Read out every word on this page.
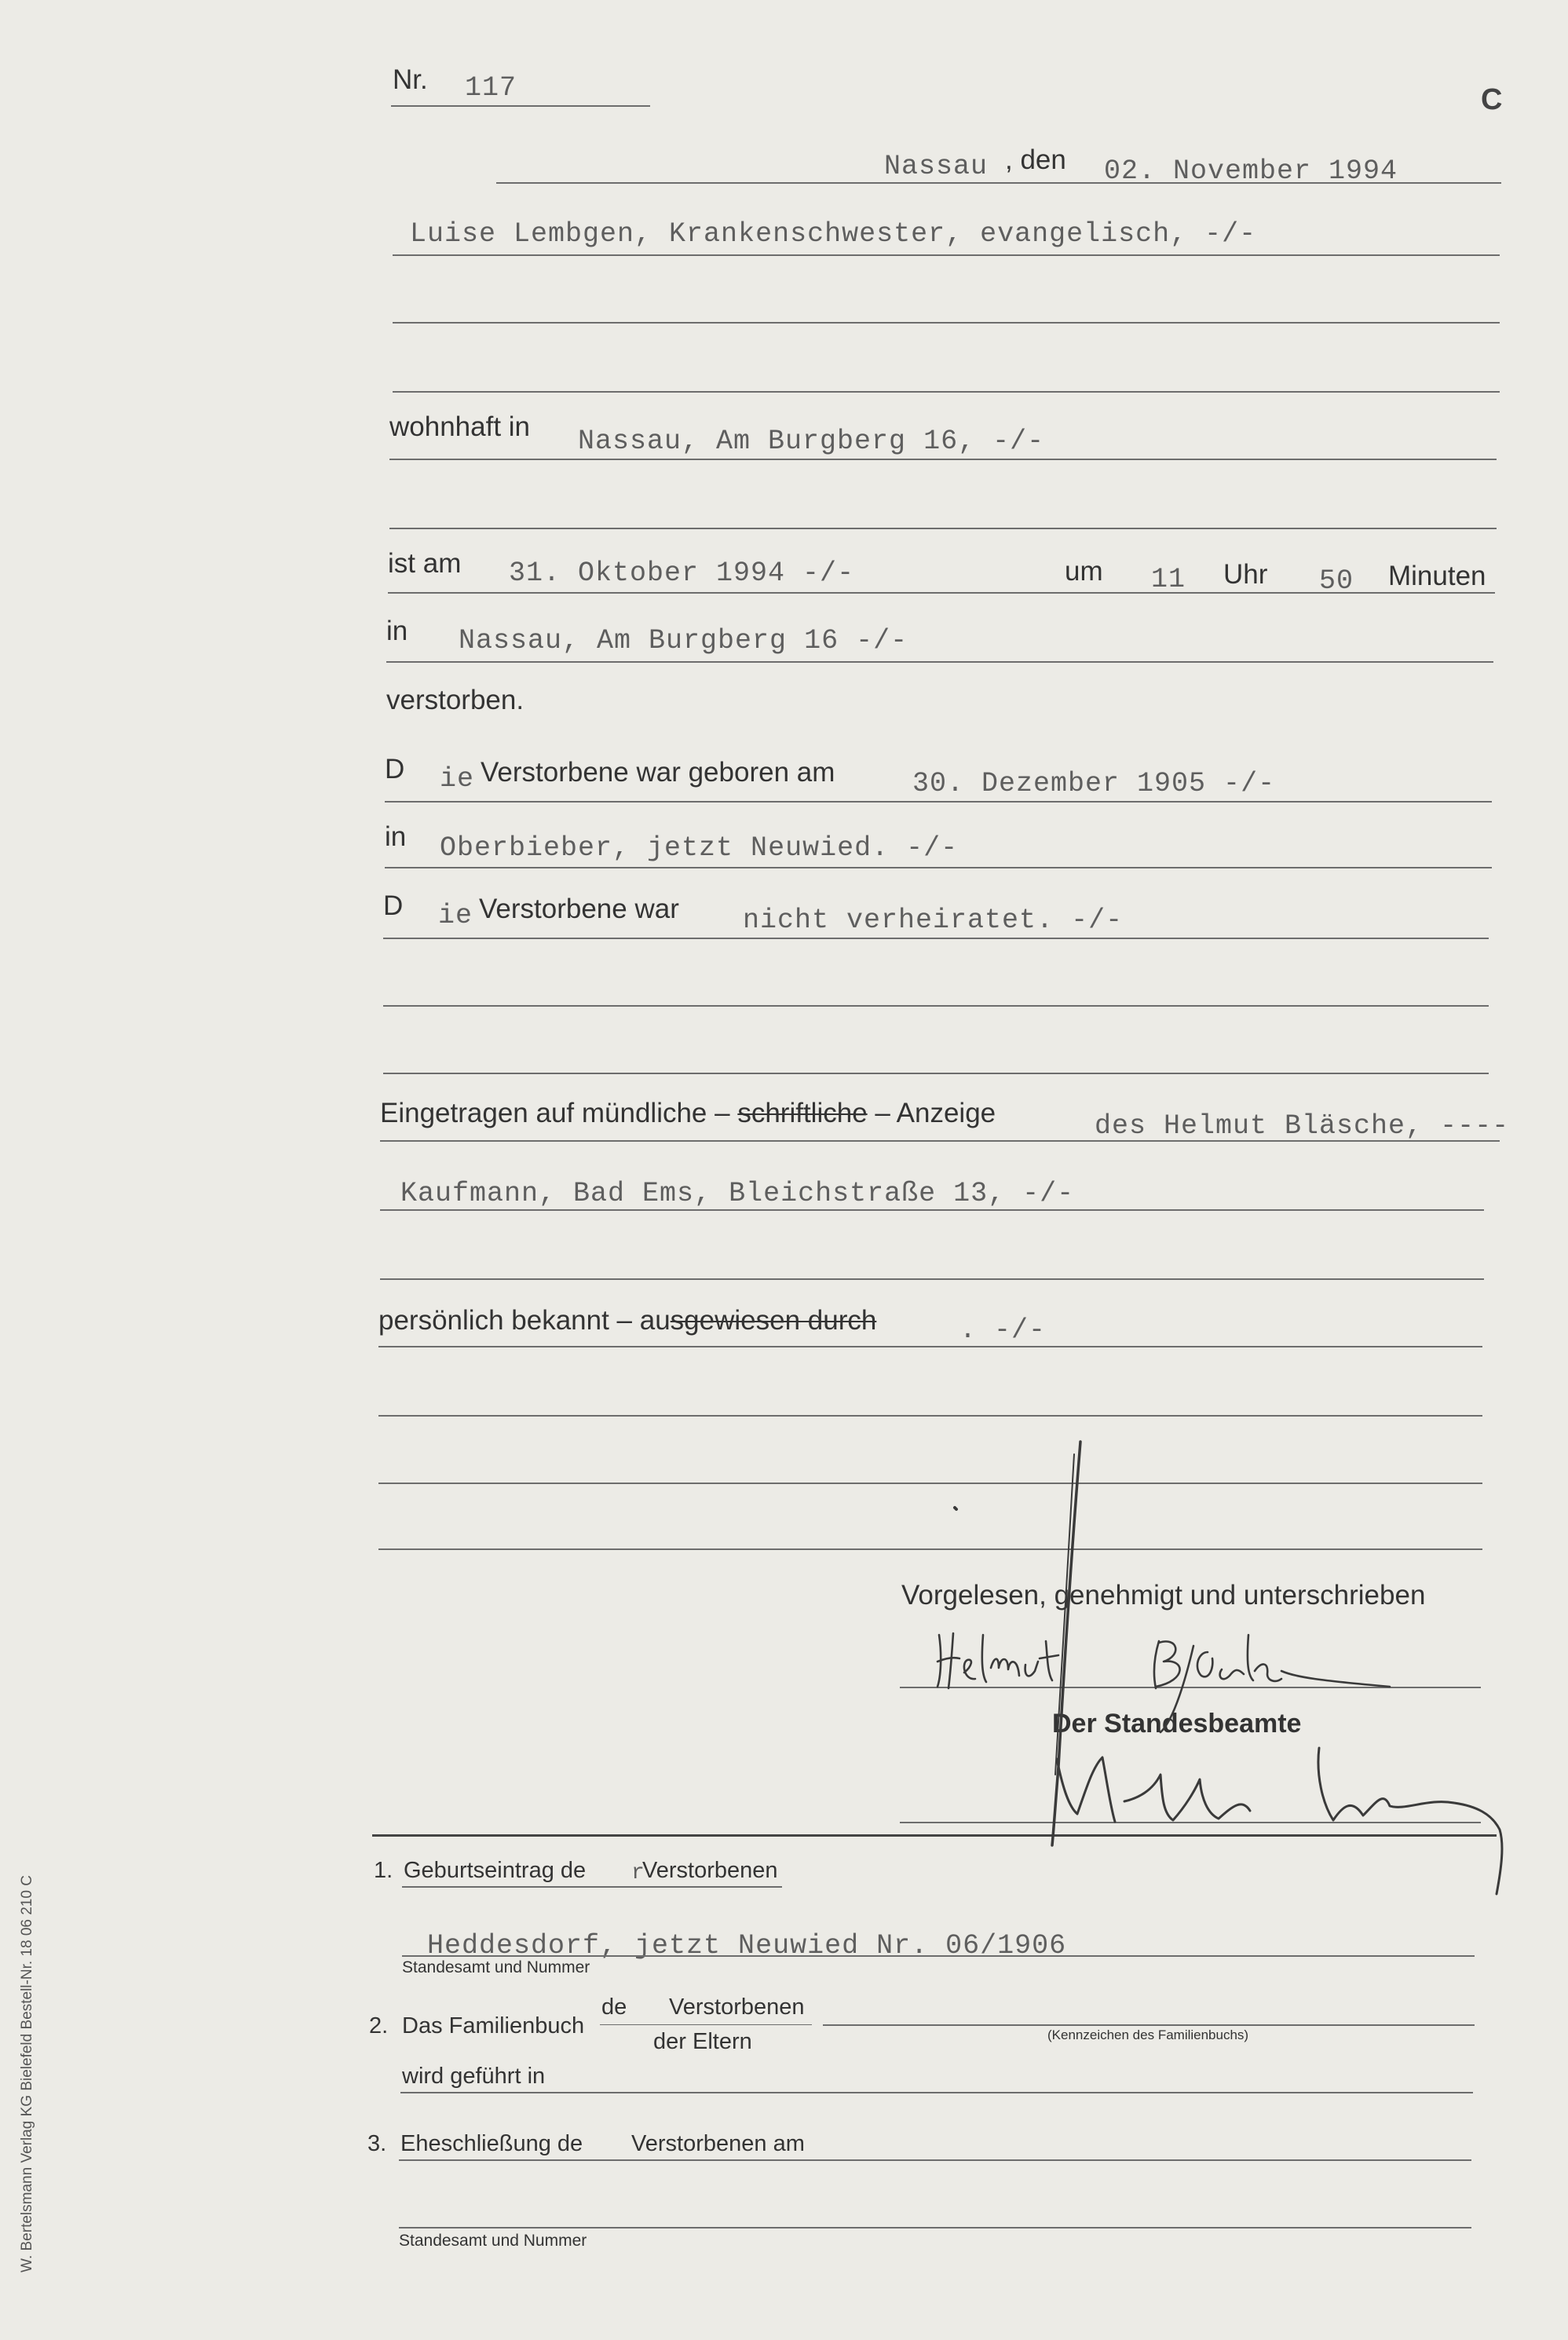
Nr. 117	C
Nassau , den 02. November 1994
Luise Lembgen, Krankenschwester, evangelisch, -/-
wohnhaft in Nassau, Am Burgberg 16, -/-
ist am 31. Oktober 1994 -/-	um 11 Uhr 50 Minuten
in Nassau, Am Burgberg 16 -/-
verstorben.
D ie Verstorbene war geboren am	30. Dezember 1905 -/-
in Oberbieber, jetzt Neuwied. -/-
D ie Verstorbene war nicht verheiratet. -/-
Eingetragen auf mündliche – schriftliche – Anzeige	des Helmut Bläsche, ----
Kaufmann, Bad Ems, Bleichstraße 13, -/-
persönlich bekannt – ausgewiesen durch	. -/-
Vorgelesen, genehmigt und unterschrieben
Der Standesbeamte
1. Geburtseintrag de r
Verstorbenen
Heddesdorf, jetzt Neuwied Nr. 06/1906
Standesamt und Nummer
2. Das Familienbuch
de Verstorbenen
der Eltern	(Kennzeichen des Familienbuchs)
wird geführt in
3. Eheschließung de Verstorbenen am
Standesamt und Nummer
W. Bertelsmann Verlag KG Bielefeld Bestell-Nr. 18 06 210 C
